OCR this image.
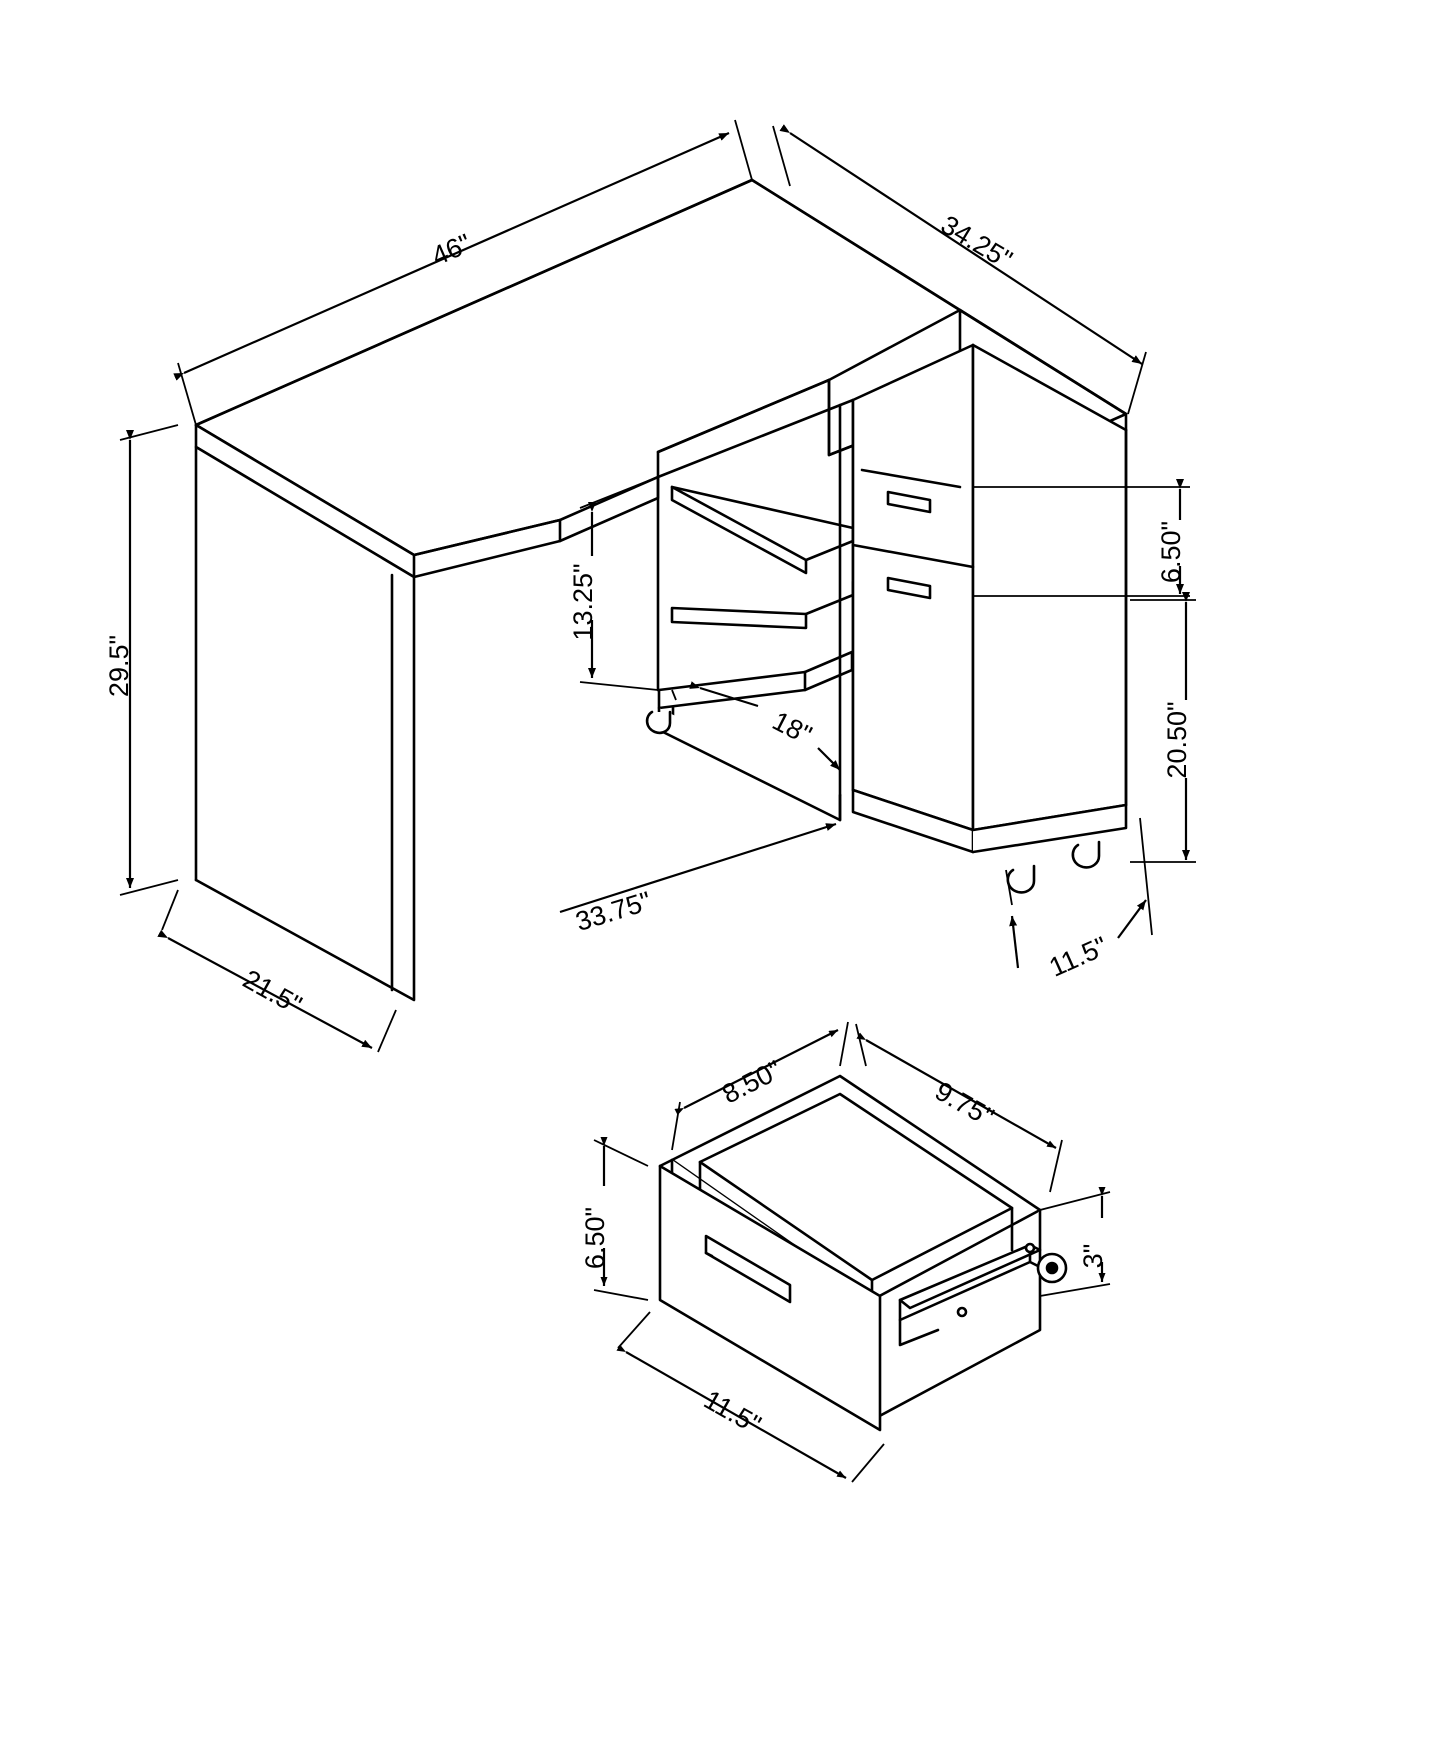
46"	34.25"
29.5"
21.5"
13.25"
18"
33.75"
11.5"
6.50"
20.50"
8.50"	9.75"
6.50"	3"
11.5"
